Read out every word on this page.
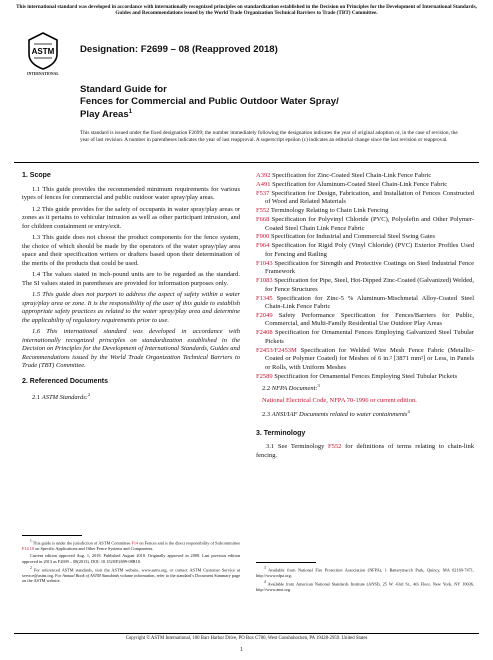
This international standard was developed in accordance with internationally recognized principles on standardization established in the Decision on Principles for the Development of International Standards, Guides and Recommendations issued by the World Trade Organization Technical Barriers to Trade (TBT) Committee.
ASTM
INTERNATIONAL
Designation: F2699 – 08 (Reapproved 2018)
Standard Guide for
Fences for Commercial and Public Outdoor Water Spray/
Play Areas$^1$
This standard is issued under the fixed designation F2699; the number immediately following the designation indicates the year of original adoption or, in the case of revision, the year of last revision. A number in parentheses indicates the year of last reapproval. A superscript epsilon (ε) indicates an editorial change since the last revision or reapproval.
1. Scope

1.1 This guide provides the recommended minimum requirements for various types of fences for commercial and public outdoor water spray/play areas.

1.2 This guide provides for the safety of occupants in water spray/play areas or zones as it pertains to vehicular intrusion as well as other participant intrusion, and for children containment or entry/exit.

1.3 This guide does not choose the product components for the fence system, the choice of which should be made by the operators of the water spray/play area space and their specification writers or drafters based upon their determination of the merits of the products that could be used.

1.4 The values stated in inch-pound units are to be regarded as the standard. The SI values stated in parentheses are provided for information purposes only.

1.5 This guide does not purport to address the aspect of safety within a water spray/play area or zone. It is the responsibility of the user of this guide to establish appropriate safety practices as related to the water spray/play area and determine the applicability of regulatory requirements prior to use.

1.6 This international standard was developed in accordance with internationally recognized principles on standardization established in the Decision on Principles for the Development of International Standards, Guides and Recommendations issued by the World Trade Organization Technical Barriers to Trade (TBT) Committee.

2. Referenced Documents

2.1 ASTM Standards:$^2$

$^1$ This guide is under the jurisdiction of ASTM Committee F14 on Fences and is the direct responsibility of Subcommittee F14.10 on Specific Applications and Other Fence Systems and Components.

Current edition approved Aug. 1, 2018. Published August 2018. Originally approved in 2008. Last previous edition approved in 2013 as F2699 – 08(2013). DOI: 10.1520/F2699-08R18.

$^2$ For referenced ASTM standards, visit the ASTM website, www.astm.org, or contact ASTM Customer Service at service@astm.org. For Annual Book of ASTM Standards volume information, refer to the standard’s Document Summary page on the ASTM website.

A392 Specification for Zinc-Coated Steel Chain-Link Fence Fabric
A491 Specification for Aluminum-Coated Steel Chain-Link Fence Fabric
F537 Specification for Design, Fabrication, and Installation of Fences Constructed of Wood and Related Materials
F552 Terminology Relating to Chain Link Fencing
F668 Specification for Polyvinyl Chloride (PVC), Polyolefin and Other Polymer-Coated Steel Chain Link Fence Fabric
F900 Specification for Industrial and Commercial Steel Swing Gates
F964 Specification for Rigid Poly (Vinyl Chloride) (PVC) Exterior Profiles Used for Fencing and Railing
F1043 Specification for Strength and Protective Coatings on Steel Industrial Fence Framework
F1083 Specification for Pipe, Steel, Hot-Dipped Zinc-Coated (Galvanized) Welded, for Fence Structures
F1345 Specification for Zinc-5 % Aluminum-Mischmetal Alloy-Coated Steel Chain-Link Fence Fabric
F2049 Safety Performance Specification for Fences/Barriers for Public, Commercial, and Multi-Family Residential Use Outdoor Play Areas
F2408 Specification for Ornamental Fences Employing Galvanized Steel Tubular Pickets
F2453/F2453M Specification for Welded Wire Mesh Fence Fabric (Metallic-Coated or Polymer Coated) for Meshes of 6 in.² [3871 mm²] or Less, in Panels or Rolls, with Uniform Meshes
F2589 Specification for Ornamental Fences Employing Steel Tubular Pickets

2.2 NFPA Document:$^3$

National Electrical Code, NFPA 70-1996 or current edition.

2.3 ANSI/IAF Documents related to water containments$^4$

3. Terminology

3.1 See Terminology F552 for definitions of terms relating to chain-link fencing.

$^3$ Available from National Fire Protection Association (NFPA), 1 Batterymarch Park, Quincy, MA 02169-7471, http://www.nfpa.org.

$^4$ Available from American National Standards Institute (ANSI), 25 W. 43rd St., 4th Floor, New York, NY 10036, http://www.ansi.org.

Copyright © ASTM International, 100 Barr Harbor Drive, PO Box C700, West Conshohocken, PA 19428-2959. United States
1
